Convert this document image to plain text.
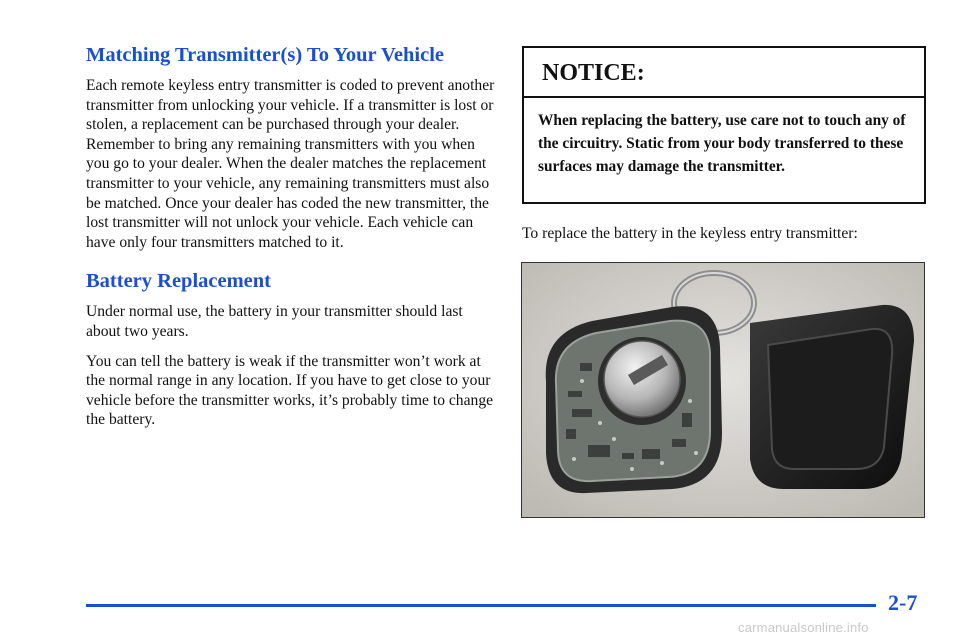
Matching Transmitter(s) To Your Vehicle

Each remote keyless entry transmitter is coded to prevent another transmitter from unlocking your vehicle. If a transmitter is lost or stolen, a replacement can be purchased through your dealer. Remember to bring any remaining transmitters with you when you go to your dealer. When the dealer matches the replacement transmitter to your vehicle, any remaining transmitters must also be matched. Once your dealer has coded the new transmitter, the lost transmitter will not unlock your vehicle. Each vehicle can have only four transmitters matched to it.

Battery Replacement

Under normal use, the battery in your transmitter should last about two years.

You can tell the battery is weak if the transmitter won’t work at the normal range in any location. If you have to get close to your vehicle before the transmitter works, it’s probably time to change the battery.

NOTICE:
When replacing the battery, use care not to touch any of the circuitry. Static from your body transferred to these surfaces may damage the transmitter.

To replace the battery in the keyless entry transmitter:

2-7
carmanualsonline.info
